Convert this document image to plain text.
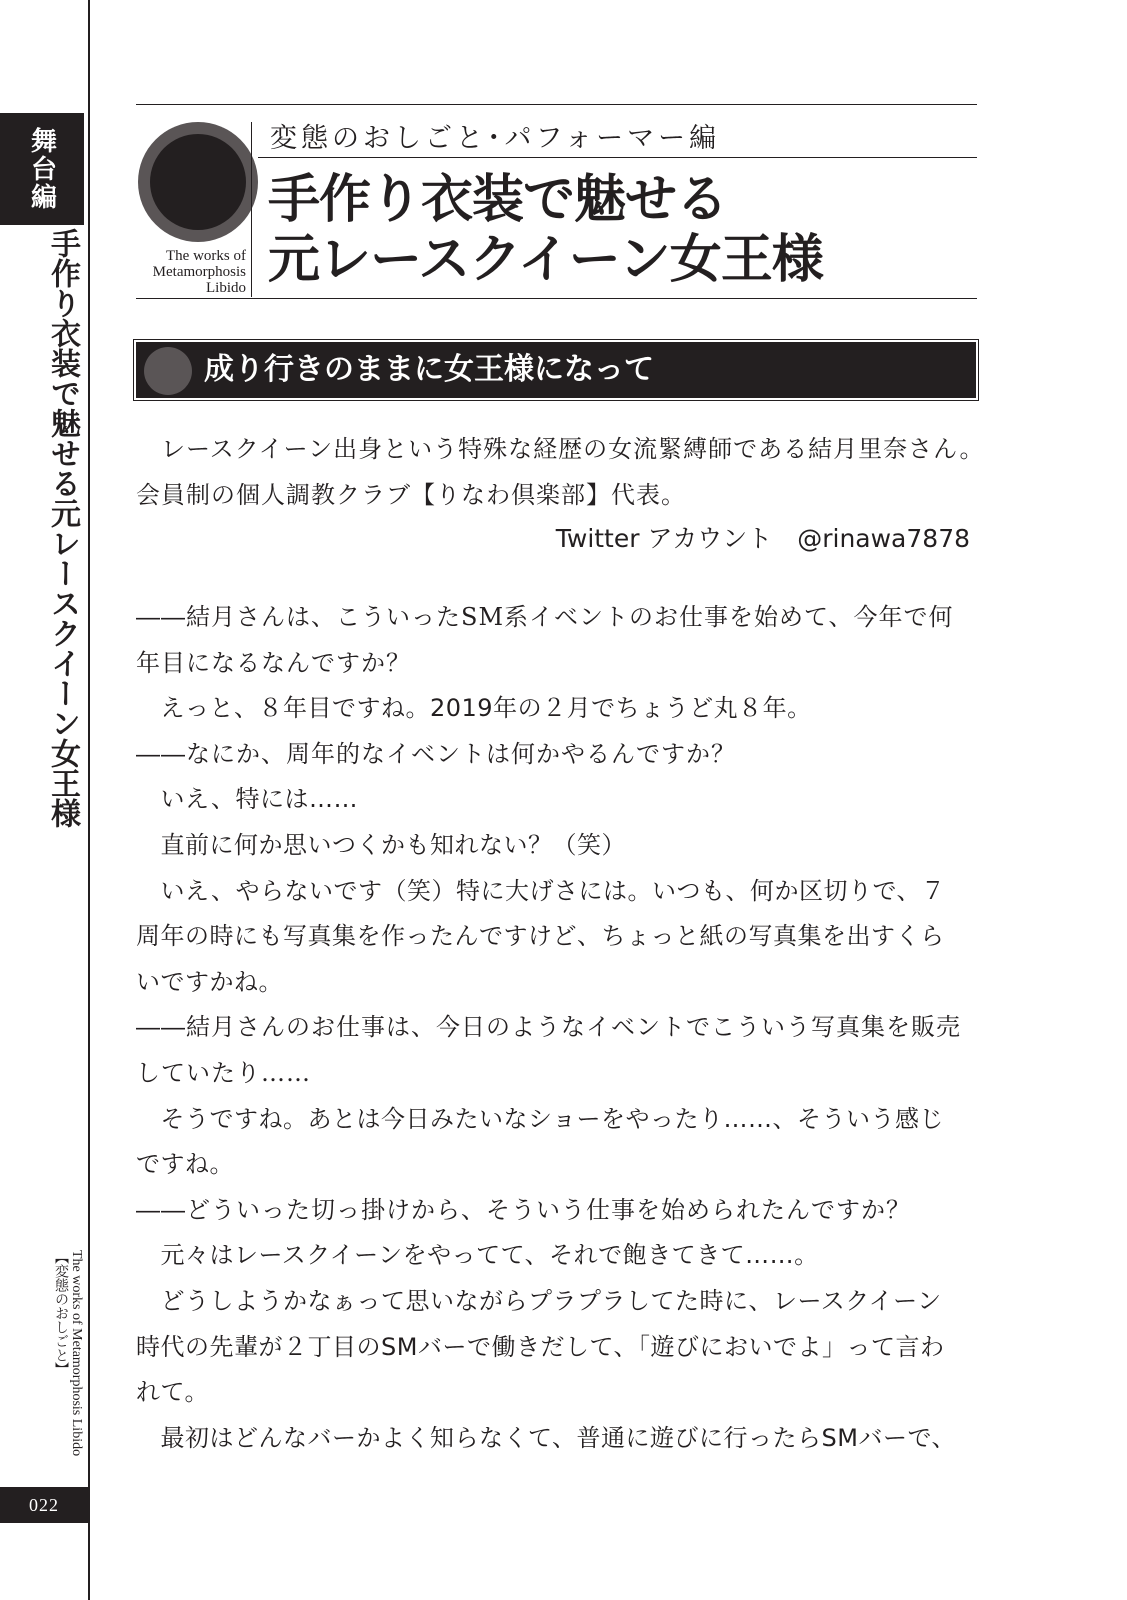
舞台編
手作り衣装で魅せる元レースクイーン女王様
The works of Metamorphosis Libido 【変態のおしごと】
022
The works of
Metamorphosis
Libido
変態のおしごと･パフォーマー編
手作り衣装で魅せる
元レースクイーン女王様
成り行きのままに女王様になって
　レースクイーン出身という特殊な経歴の女流緊縛師である結月里奈さん。
会員制の個人調教クラブ【りなわ倶楽部】代表。
Twitter アカウント　@rinawa7878
――結月さんは、こういったSM系イベントのお仕事を始めて、今年で何
年目になるなんですか？
　えっと、８年目ですね。2019年の２月でちょうど丸８年。
――なにか、周年的なイベントは何かやるんですか？
　いえ、特には……
　直前に何か思いつくかも知れない？（笑）
　いえ、やらないです（笑）特に大げさには。いつも、何か区切りで、７
周年の時にも写真集を作ったんですけど、ちょっと紙の写真集を出すくら
いですかね。
――結月さんのお仕事は、今日のようなイベントでこういう写真集を販売
していたり……
　そうですね。あとは今日みたいなショーをやったり……、そういう感じ
ですね。
――どういった切っ掛けから、そういう仕事を始められたんですか？
　元々はレースクイーンをやってて、それで飽きてきて……。
　どうしようかなぁって思いながらプラプラしてた時に、レースクイーン
時代の先輩が２丁目のSMバーで働きだして、「遊びにおいでよ」って言わ
れて。
　最初はどんなバーかよく知らなくて、普通に遊びに行ったらSMバーで、
